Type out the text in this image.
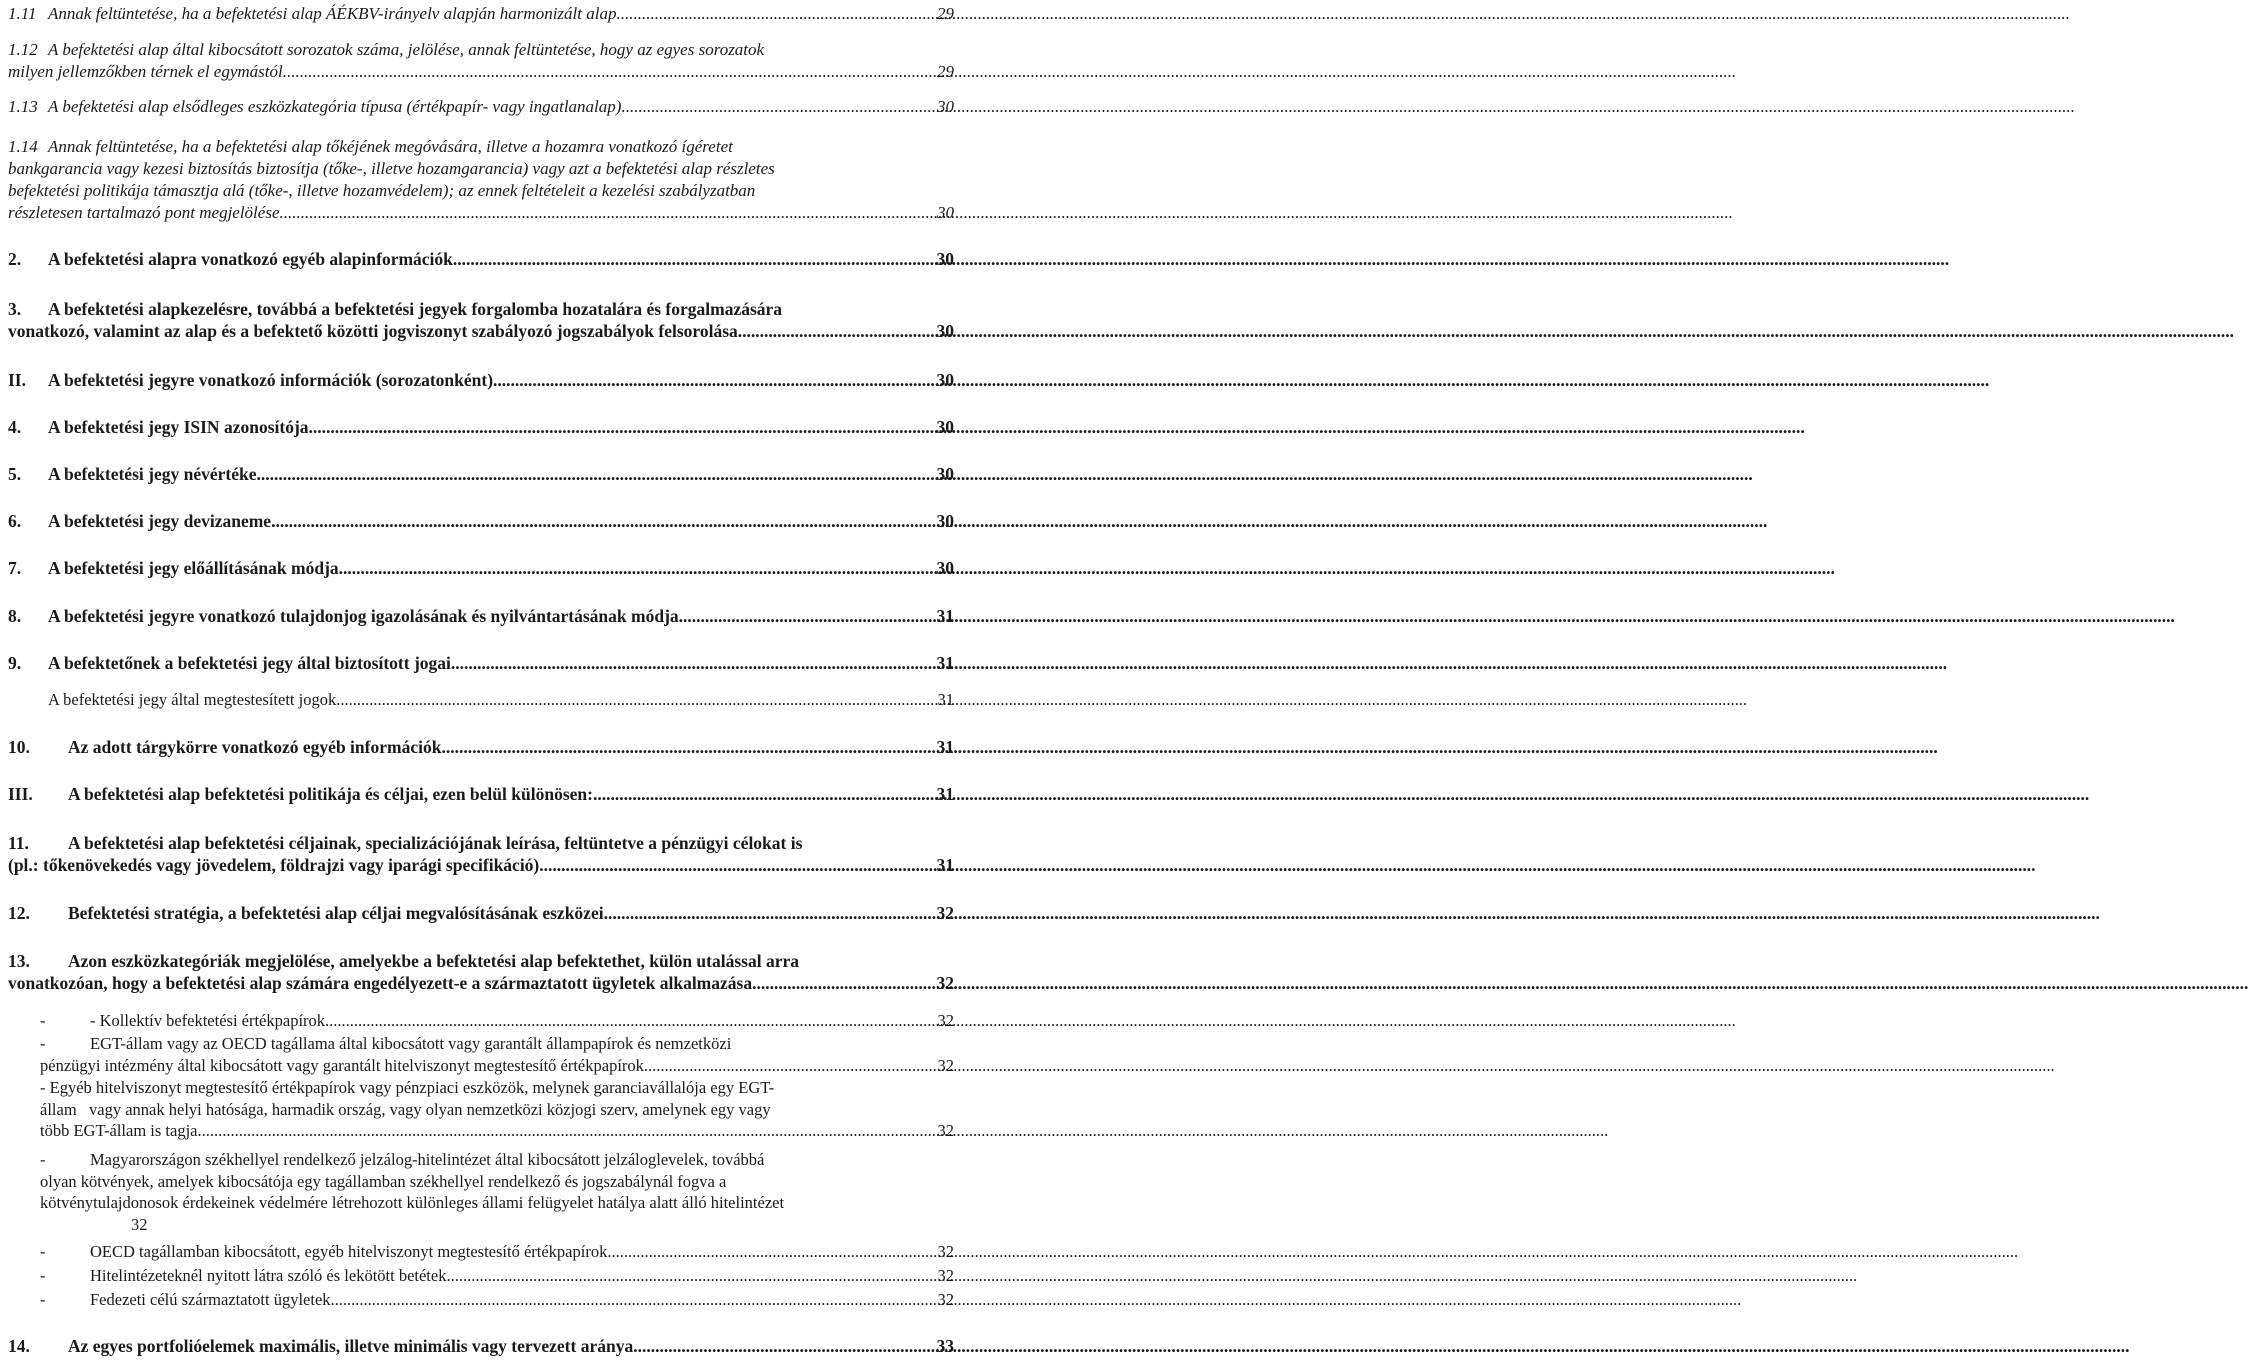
1.11 Annak feltüntetése, ha a befektetési alap ÁÉKBV-irányelv alapján harmonizált alap .....	29
1.12 A befektetési alap által kibocsátott sorozatok száma, jelölése, annak feltüntetése, hogy az egyes sorozatok
milyen jellemzőkben térnek el egymástól .....	29
1.13 A befektetési alap elsődleges eszközkategória típusa (értékpapír- vagy ingatlanalap) .....	30
1.14 Annak feltüntetése, ha a befektetési alap tőkéjének megóvására, illetve a hozamra vonatkozó ígéretet
bankgarancia vagy kezesi biztosítás biztosítja (tőke-, illetve hozamgarancia) vagy azt a befektetési alap részletes
befektetési politikája támasztja alá (tőke-, illetve hozamvédelem); az ennek feltételeit a kezelési szabályzatban
részletesen tartalmazó pont megjelölése .....	30
2. A befektetési alapra vonatkozó egyéb alapinformációk .....	30
3. A befektetési alapkezelésre, továbbá a befektetési jegyek forgalomba hozatalára és forgalmazására
vonatkozó, valamint az alap és a befektető közötti jogviszonyt szabályozó jogszabályok felsorolása .....	30
II. A befektetési jegyre vonatkozó információk (sorozatonként) .....	30
4. A befektetési jegy ISIN azonosítója .....	30
5. A befektetési jegy névértéke .....	30
6. A befektetési jegy devizaneme .....	30
7. A befektetési jegy előállításának módja .....	30
8. A befektetési jegyre vonatkozó tulajdonjog igazolásának és nyilvántartásának módja .....	31
9. A befektetőnek a befektetési jegy által biztosított jogai .....	31
A befektetési jegy által megtestesített jogok .....	31
10. Az adott tárgykörre vonatkozó egyéb információk .....	31
III. A befektetési alap befektetési politikája és céljai, ezen belül különösen: .....	31
11. A befektetési alap befektetési céljainak, specializációjának leírása, feltüntetve a pénzügyi célokat is
(pl.: tőkenövekedés vagy jövedelem, földrajzi vagy iparági specifikáció) .....	31
12. Befektetési stratégia, a befektetési alap céljai megvalósításának eszközei .....	32
13. Azon eszközkategóriák megjelölése, amelyekbe a befektetési alap befektethet, külön utalással arra
vonatkozóan, hogy a befektetési alap számára engedélyezett-e a származtatott ügyletek alkalmazása .....	32
-	- Kollektív befektetési értékpapírok .....	32
-	EGT-állam vagy az OECD tagállama által kibocsátott vagy garantált állampapírok és nemzetközi
pénzügyi intézmény által kibocsátott vagy garantált hitelviszonyt megtestesítő értékpapírok .....	32
- Egyéb hitelviszonyt megtestesítő értékpapírok vagy pénzpiaci eszközök, melynek garanciavállalója egy EGT-
állam   vagy annak helyi hatósága, harmadik ország, vagy olyan nemzetközi közjogi szerv, amelynek egy vagy
több EGT-állam is tagja .....	32
-	Magyarországon székhellyel rendelkező jelzálog-hitelintézet által kibocsátott jelzáloglevelek, továbbá
olyan kötvények, amelyek kibocsátója egy tagállamban székhellyel rendelkező és jogszabálynál fogva a
kötvénytulajdonosok érdekeinek védelmére létrehozott különleges állami felügyelet hatálya alatt álló hitelintézet
32
-	OECD tagállamban kibocsátott, egyéb hitelviszonyt megtestesítő értékpapírok .....	32
-	Hitelintézeteknél nyitott látra szóló és lekötött betétek .....	32
-	Fedezeti célú származtatott ügyletek .....	32
14. Az egyes portfolióelemek maximális, illetve minimális vagy tervezett aránya .....	33
